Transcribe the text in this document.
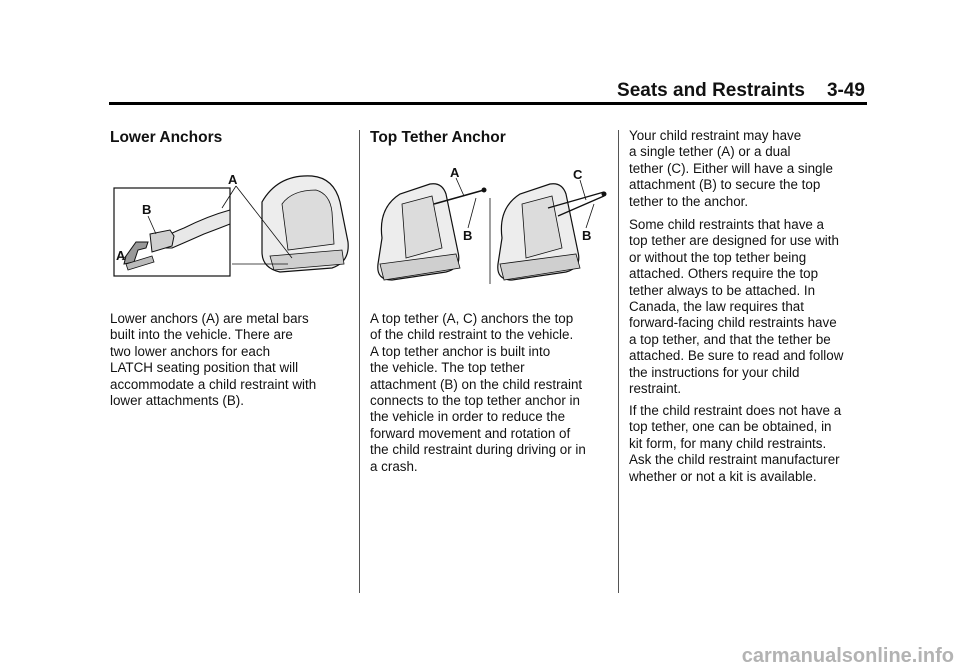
Seats and Restraints 3-49
Lower Anchors
A
B
A
Lower anchors (A) are metal bars
built into the vehicle. There are
two lower anchors for each
LATCH seating position that will
accommodate a child restraint with
lower attachments (B).
Top Tether Anchor
A
B
C
B
A top tether (A, C) anchors the top
of the child restraint to the vehicle.
A top tether anchor is built into
the vehicle. The top tether
attachment (B) on the child restraint
connects to the top tether anchor in
the vehicle in order to reduce the
forward movement and rotation of
the child restraint during driving or in
a crash.
Your child restraint may have
a single tether (A) or a dual
tether (C). Either will have a single
attachment (B) to secure the top
tether to the anchor.
Some child restraints that have a
top tether are designed for use with
or without the top tether being
attached. Others require the top
tether always to be attached. In
Canada, the law requires that
forward-facing child restraints have
a top tether, and that the tether be
attached. Be sure to read and follow
the instructions for your child
restraint.
If the child restraint does not have a
top tether, one can be obtained, in
kit form, for many child restraints.
Ask the child restraint manufacturer
whether or not a kit is available.
carmanualsonline.info
